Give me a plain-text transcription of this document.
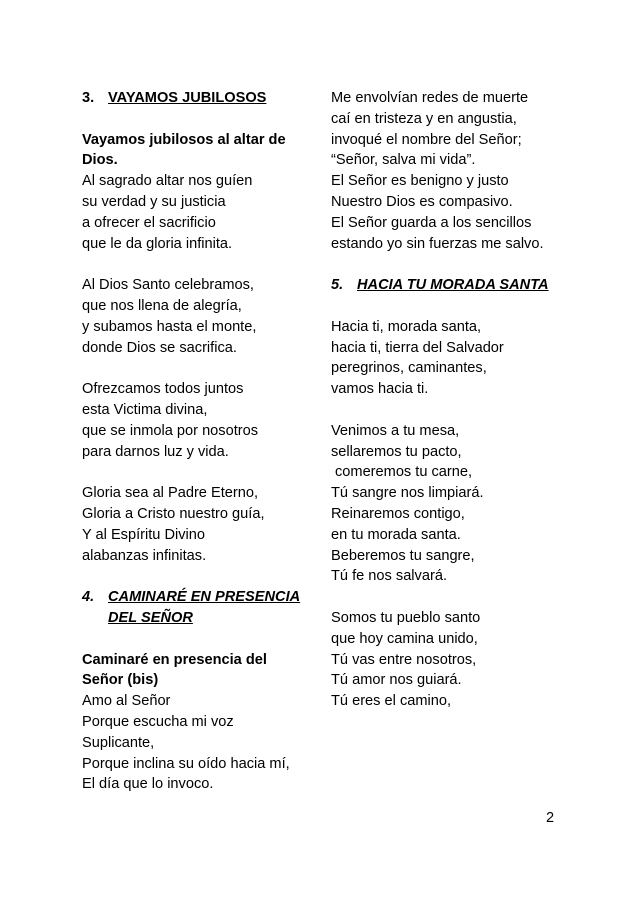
3. VAYAMOS JUBILOSOS
Vayamos jubilosos al altar de
Dios.
Al sagrado altar nos guíen
su verdad y su justicia
a ofrecer el sacrificio
que le da gloria infinita.
Al Dios Santo celebramos,
que nos llena de alegría,
y subamos hasta el monte,
donde Dios se sacrifica.
Ofrezcamos todos juntos
esta Victima divina,
que se inmola por nosotros
para darnos luz y vida.
Gloria sea al Padre Eterno,
Gloria a Cristo nuestro guía,
Y al Espíritu Divino
alabanzas infinitas.
4. CAMINARÉ EN PRESENCIA
DEL SEÑOR
Caminaré en presencia del
Señor (bis)
Amo al Señor
Porque escucha mi voz
Suplicante,
Porque inclina su oído hacia mí,
El día que lo invoco.
Me envolvían redes de muerte
caí en tristeza y en angustia,
invoqué el nombre del Señor;
“Señor, salva mi vida”.
El Señor es benigno y justo
Nuestro Dios es compasivo.
El Señor guarda a los sencillos
estando yo sin fuerzas me salvo.
5. HACIA TU MORADA SANTA
Hacia ti, morada santa,
hacia ti, tierra del Salvador
peregrinos, caminantes,
vamos hacia ti.
Venimos a tu mesa,
sellaremos tu pacto,
comeremos tu carne,
Tú sangre nos limpiará.
Reinaremos contigo,
en tu morada santa.
Beberemos tu sangre,
Tú fe nos salvará.
Somos tu pueblo santo
que hoy camina unido,
Tú vas entre nosotros,
Tú amor nos guiará.
Tú eres el camino,
2
